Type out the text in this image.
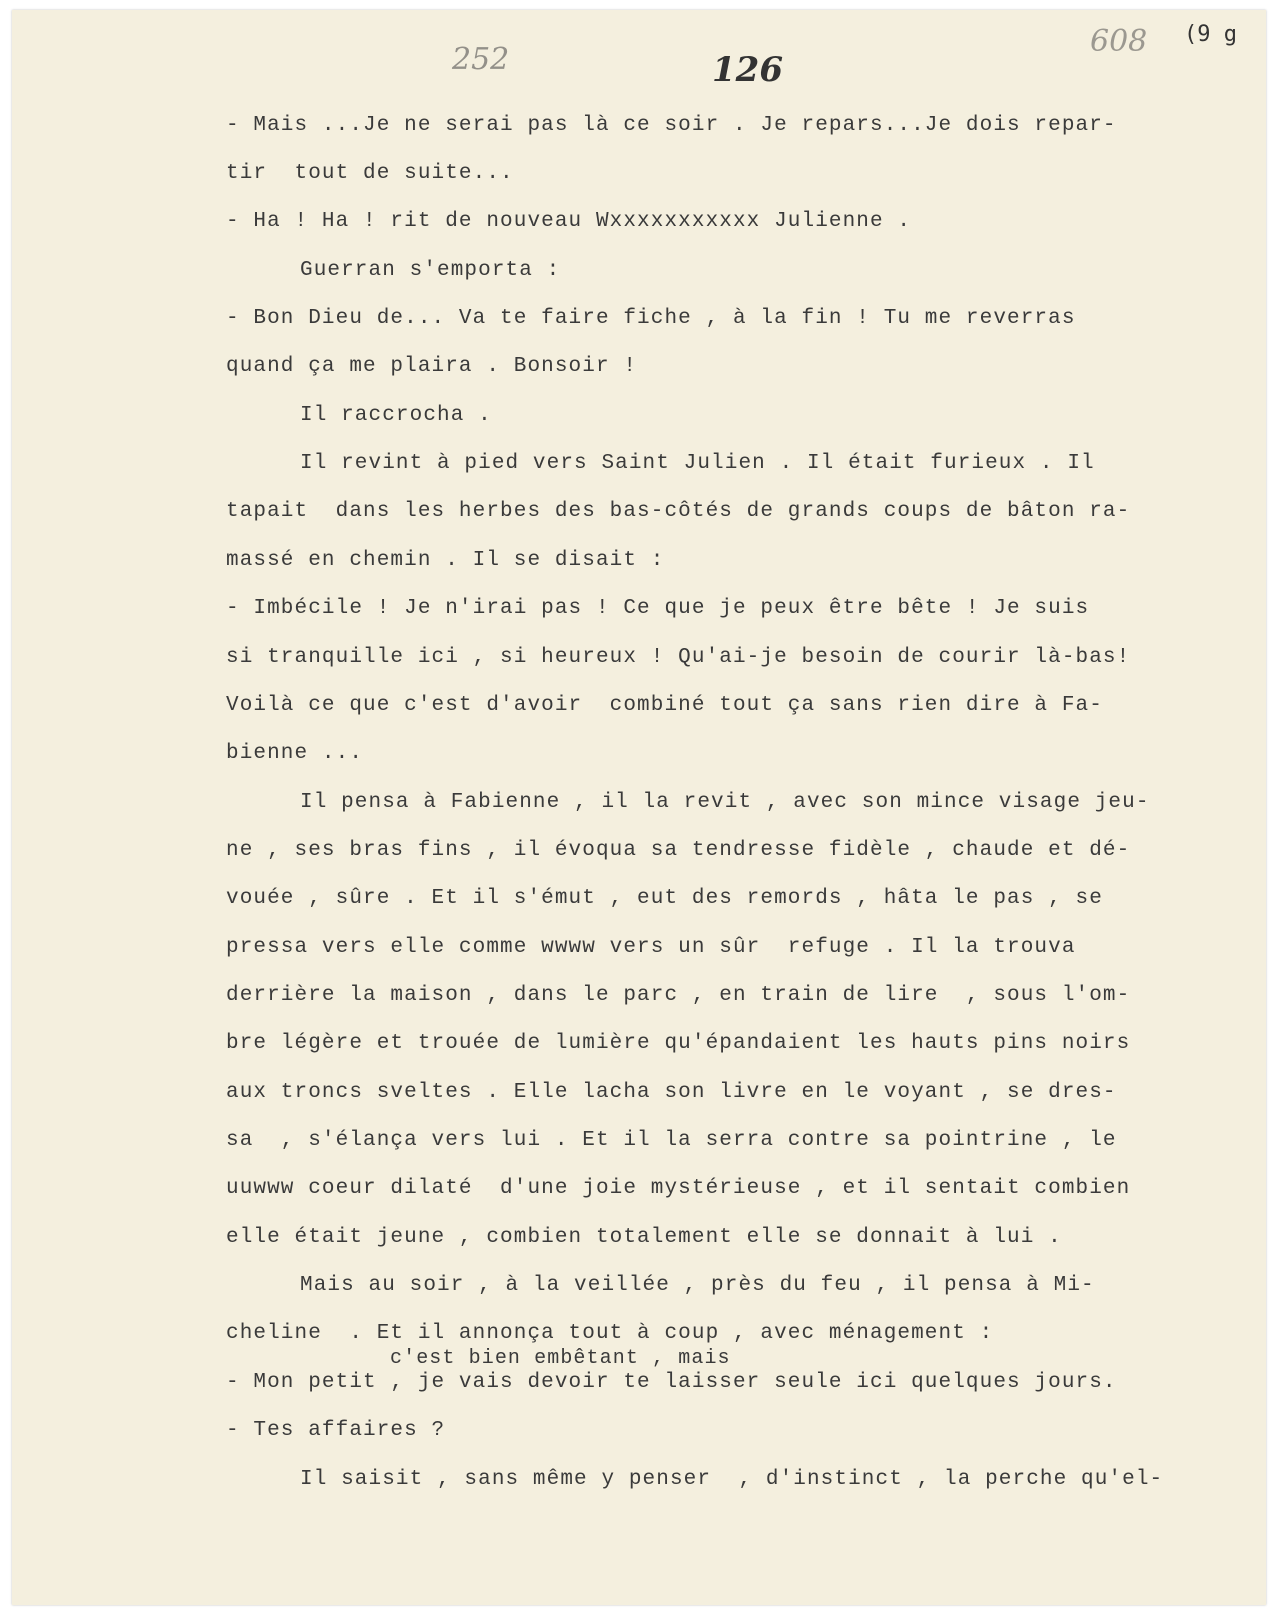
252	126
608 (9 g
- Mais ...Je ne serai pas là ce soir . Je repars...Je dois repar-
tir  tout de suite...
- Ha ! Ha ! rit de nouveau Wxxxxxxxxxxx Julienne .
Guerran s'emporta :
- Bon Dieu de... Va te faire fiche , à la fin ! Tu me reverras
quand ça me plaira . Bonsoir !
Il raccrocha .
Il revint à pied vers Saint Julien . Il était furieux . Il
tapait  dans les herbes des bas-côtés de grands coups de bâton ra-
massé en chemin . Il se disait :
- Imbécile ! Je n'irai pas ! Ce que je peux être bête ! Je suis
si tranquille ici , si heureux ! Qu'ai-je besoin de courir là-bas!
Voilà ce que c'est d'avoir  combiné tout ça sans rien dire à Fa-
bienne ...
Il pensa à Fabienne , il la revit , avec son mince visage jeu-
ne , ses bras fins , il évoqua sa tendresse fidèle , chaude et dé-
vouée , sûre . Et il s'émut , eut des remords , hâta le pas , se
pressa vers elle comme wwww vers un sûr  refuge . Il la trouva
derrière la maison , dans le parc , en train de lire  , sous l'om-
bre légère et trouée de lumière qu'épandaient les hauts pins noirs
aux troncs sveltes . Elle lacha son livre en le voyant , se dres-
sa  , s'élança vers lui . Et il la serra contre sa pointrine , le
uuwww coeur dilaté  d'une joie mystérieuse , et il sentait combien
elle était jeune , combien totalement elle se donnait à lui .
Mais au soir , à la veillée , près du feu , il pensa à Mi-
cheline  . Et il annonça tout à coup , avec ménagement :
c'est bien embêtant , mais
- Mon petit , je vais devoir te laisser seule ici quelques jours.
- Tes affaires ?
Il saisit , sans même y penser  , d'instinct , la perche qu'el-
